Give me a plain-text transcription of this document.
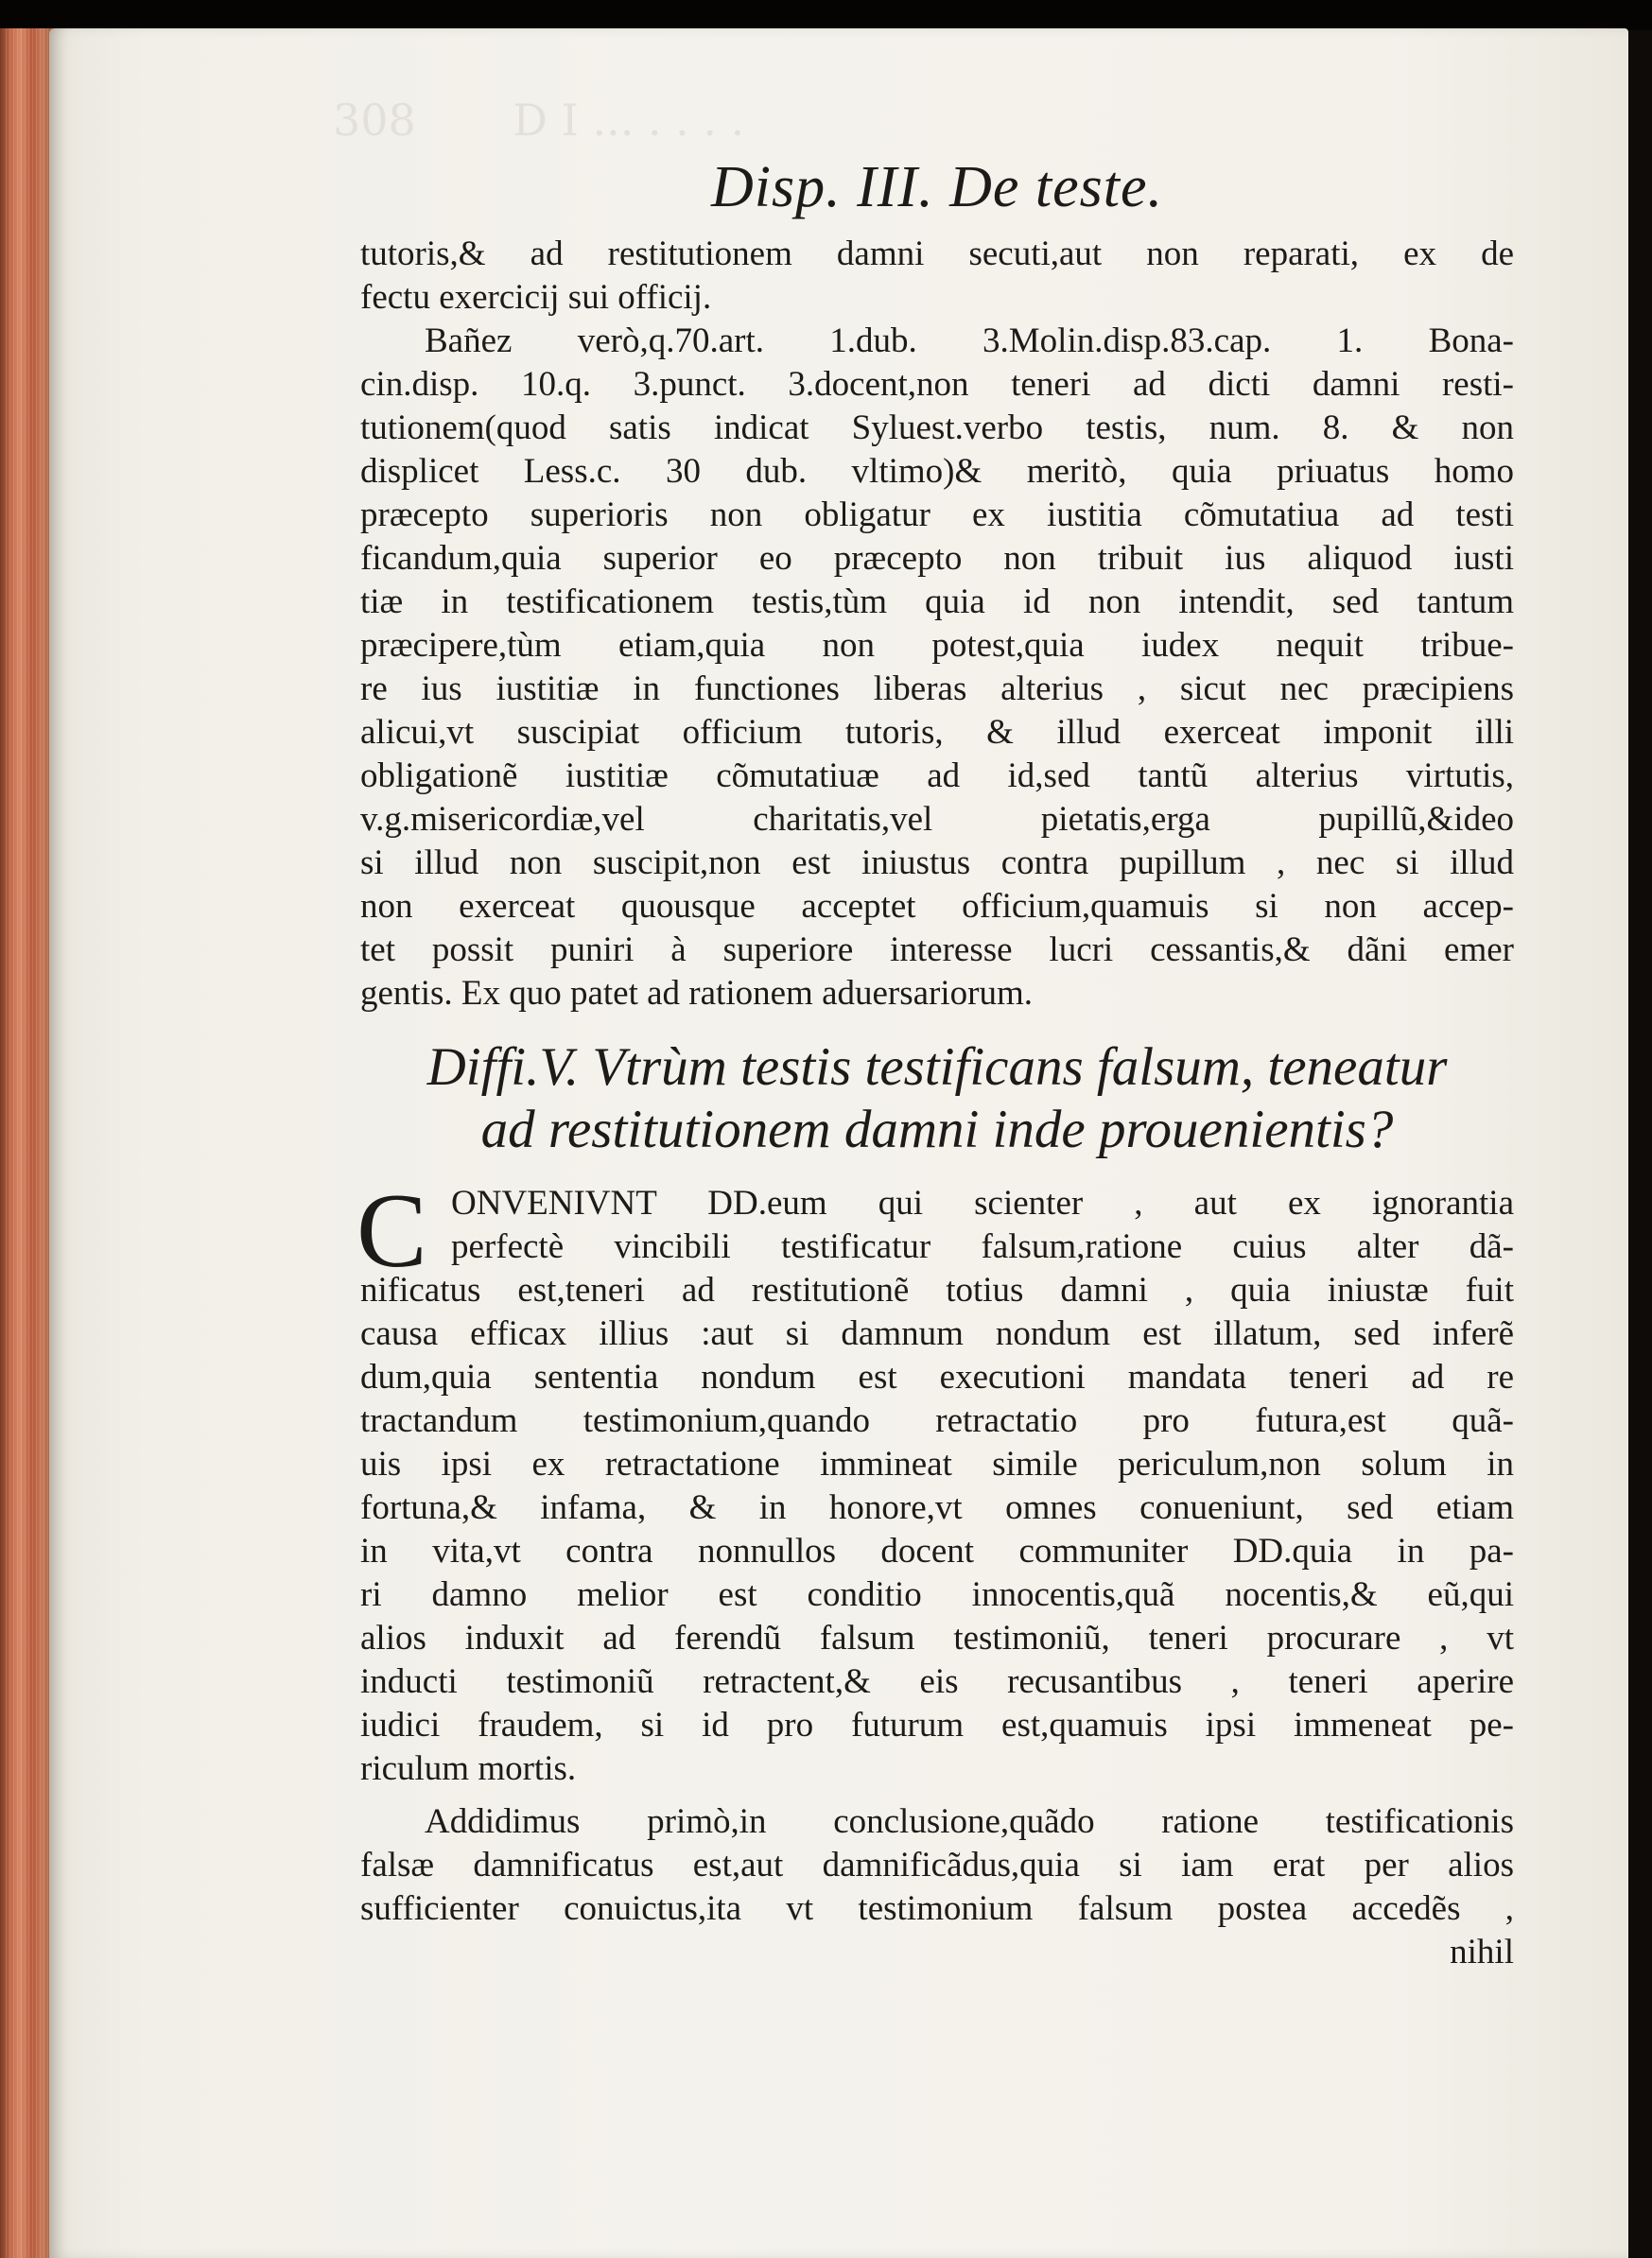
308       D I ... . . . .
Disp. III. De teste.
tutoris,& ad restitutionem damni secuti,aut non reparati, ex de
fectu exercicij sui officij.
Bañez verò,q.70.art. 1.dub. 3.Molin.disp.83.cap. 1. Bona-
cin.disp. 10.q. 3.punct. 3.docent,non teneri ad dicti damni resti-
tutionem(quod satis indicat Syluest.verbo testis, num. 8. & non
displicet Less.c. 30 dub. vltimo)& meritò, quia priuatus homo
præcepto superioris non obligatur ex iustitia cõmutatiua ad testi
ficandum,quia superior eo præcepto non tribuit ius aliquod iusti
tiæ in testificationem testis,tùm quia id non intendit, sed tantum
præcipere,tùm etiam,quia non potest,quia iudex nequit tribue-
re ius iustitiæ in functiones liberas alterius , sicut nec præcipiens
alicui,vt suscipiat officium tutoris, & illud exerceat imponit illi
obligationẽ iustitiæ cõmutatiuæ ad id,sed tantũ alterius virtutis,
v.g.misericordiæ,vel charitatis,vel pietatis,erga pupillũ,&ideo
si illud non suscipit,non est iniustus contra pupillum , nec si illud
non exerceat quousque acceptet officium,quamuis si non accep-
tet possit puniri à superiore interesse lucri cessantis,& dãni emer
gentis. Ex quo patet ad rationem aduersariorum.
Diffi.V. Vtrùm testis testificans falsum, teneatur
ad restitutionem damni inde prouenientis?
C ONVENIVNT DD.eum qui scienter , aut ex ignorantia
perfectè vincibili testificatur falsum,ratione cuius alter dã-
nificatus est,teneri ad restitutionẽ totius damni , quia iniustæ fuit
causa efficax illius :aut si damnum nondum est illatum, sed inferẽ
dum,quia sententia nondum est executioni mandata teneri ad re
tractandum testimonium,quando retractatio pro futura,est quã-
uis ipsi ex retractatione immineat simile periculum,non solum in
fortuna,& infama, & in honore,vt omnes conueniunt, sed etiam
in vita,vt contra nonnullos docent communiter DD.quia in pa-
ri damno melior est conditio innocentis,quã nocentis,& eũ,qui
alios induxit ad ferendũ falsum testimoniũ, teneri procurare , vt
inducti testimoniũ retractent,& eis recusantibus , teneri aperire
iudici fraudem, si id pro futurum est,quamuis ipsi immeneat pe-
riculum mortis.
Addidimus primò,in conclusione,quãdo ratione testificationis
falsæ damnificatus est,aut damnificãdus,quia si iam erat per alios
sufficienter conuictus,ita vt testimonium falsum postea accedẽs ,
nihil
